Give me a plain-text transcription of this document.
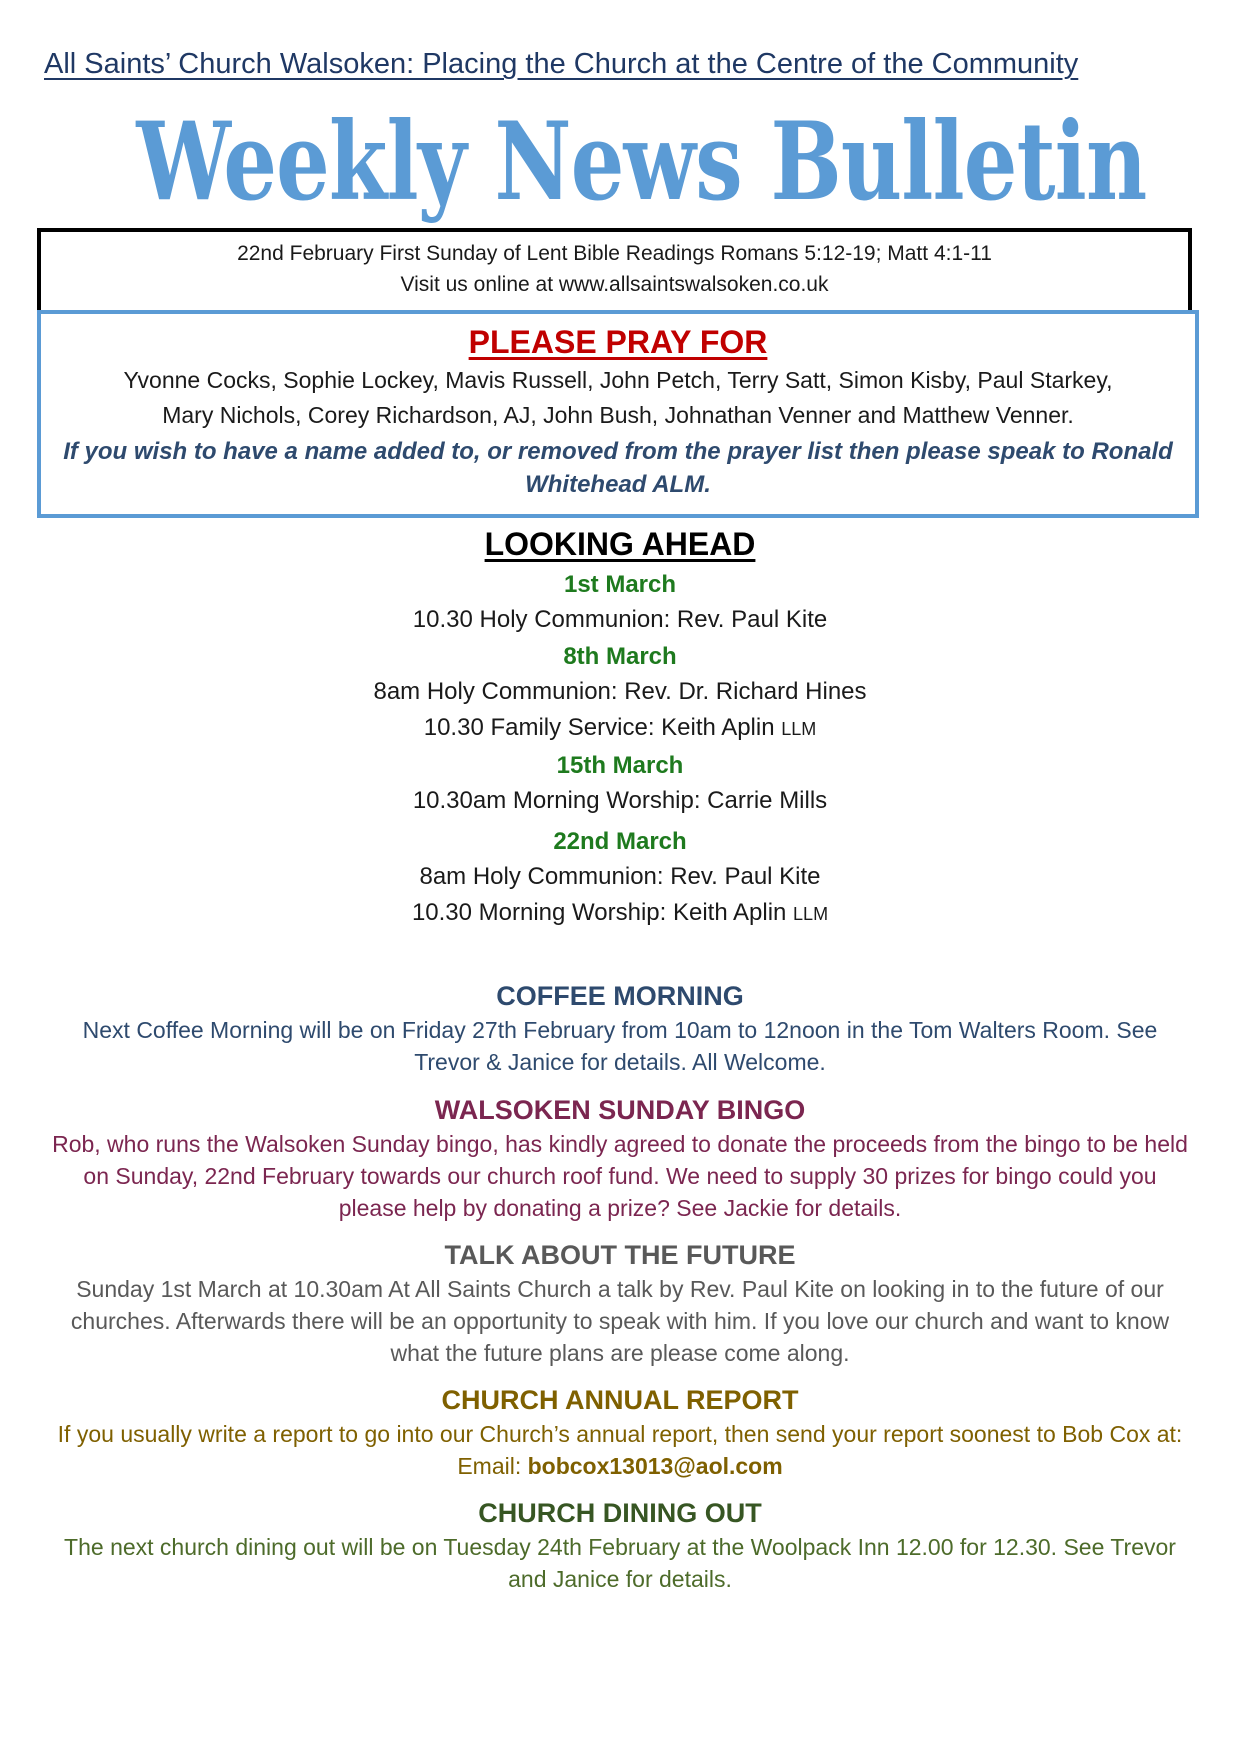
All Saints’ Church Walsoken: Placing the Church at the Centre of the Community
Weekly News Bulletin
22nd February First Sunday of Lent Bible Readings Romans 5:12-19; Matt 4:1-11
Visit us online at www.allsaintswalsoken.co.uk
PLEASE PRAY FOR
Yvonne Cocks, Sophie Lockey, Mavis Russell, John Petch, Terry Satt, Simon Kisby, Paul Starkey,
Mary Nichols, Corey Richardson, AJ, John Bush, Johnathan Venner and Matthew Venner.
If you wish to have a name added to, or removed from the prayer list then please speak to Ronald Whitehead ALM.
LOOKING AHEAD
1st March
10.30 Holy Communion: Rev. Paul Kite
8th March
8am Holy Communion: Rev. Dr. Richard Hines
10.30 Family Service: Keith Aplin LLM
15th March
10.30am Morning Worship: Carrie Mills
22nd March
8am Holy Communion: Rev. Paul Kite
10.30 Morning Worship: Keith Aplin LLM
COFFEE MORNING
Next Coffee Morning will be on Friday 27th February from 10am to 12noon in the Tom Walters Room. See Trevor & Janice for details. All Welcome.
WALSOKEN SUNDAY BINGO
Rob, who runs the Walsoken Sunday bingo, has kindly agreed to donate the proceeds from the bingo to be held on Sunday, 22nd February towards our church roof fund. We need to supply 30 prizes for bingo could you please help by donating a prize? See Jackie for details.
TALK ABOUT THE FUTURE
Sunday 1st March at 10.30am At All Saints Church a talk by Rev. Paul Kite on looking in to the future of our churches. Afterwards there will be an opportunity to speak with him. If you love our church and want to know what the future plans are please come along.
CHURCH ANNUAL REPORT
If you usually write a report to go into our Church’s annual report, then send your report soonest to Bob Cox at: Email: bobcox13013@aol.com
CHURCH DINING OUT
The next church dining out will be on Tuesday 24th February at the Woolpack Inn 12.00 for 12.30. See Trevor and Janice for details.
